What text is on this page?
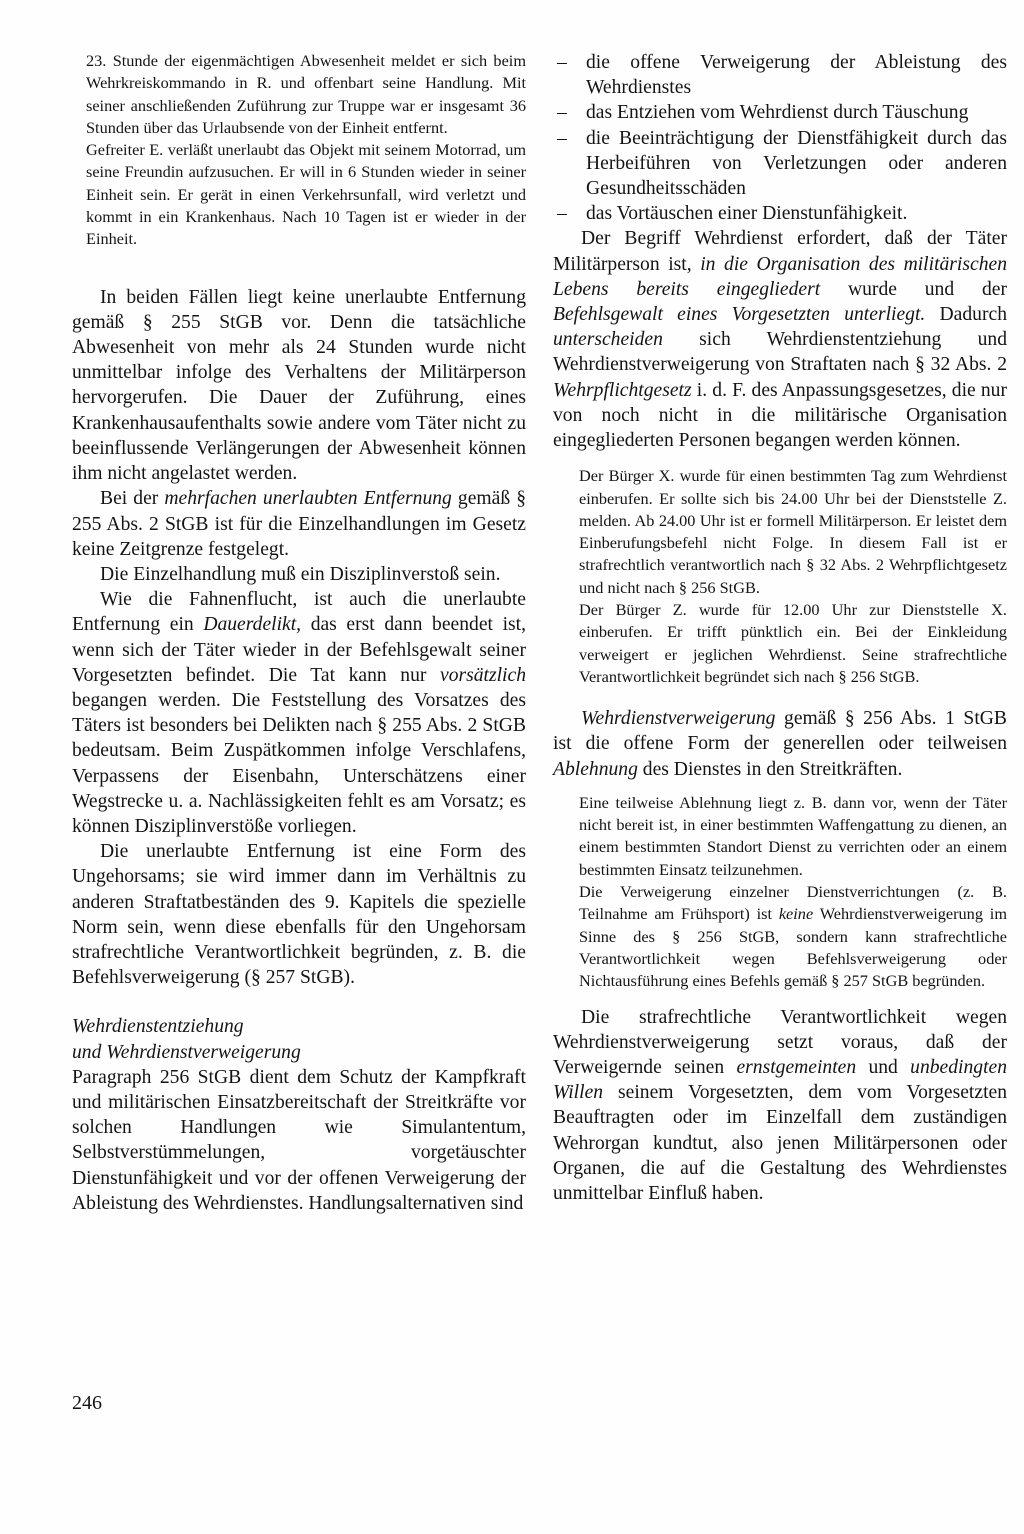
23. Stunde der eigenmächtigen Abwesenheit meldet er sich beim Wehrkreiskommando in R. und offenbart seine Handlung. Mit seiner anschließenden Zuführung zur Truppe war er insgesamt 36 Stunden über das Urlaubsende von der Einheit entfernt.

Gefreiter E. verläßt unerlaubt das Objekt mit seinem Motorrad, um seine Freundin aufzusuchen. Er will in 6 Stunden wieder in seiner Einheit sein. Er gerät in einen Verkehrsunfall, wird verletzt und kommt in ein Krankenhaus. Nach 10 Tagen ist er wieder in der Einheit.

In beiden Fällen liegt keine unerlaubte Entfernung gemäß § 255 StGB vor. Denn die tatsächliche Abwesenheit von mehr als 24 Stunden wurde nicht unmittelbar infolge des Verhaltens der Militärperson hervorgerufen. Die Dauer der Zuführung, eines Krankenhausaufenthalts sowie andere vom Täter nicht zu beeinflussende Verlängerungen der Abwesenheit können ihm nicht angelastet werden.

Bei der mehrfachen unerlaubten Entfernung gemäß § 255 Abs. 2 StGB ist für die Einzelhandlungen im Gesetz keine Zeitgrenze festgelegt.

Die Einzelhandlung muß ein Disziplinverstoß sein.

Wie die Fahnenflucht, ist auch die unerlaubte Entfernung ein Dauerdelikt, das erst dann beendet ist, wenn sich der Täter wieder in der Befehlsgewalt seiner Vorgesetzten befindet. Die Tat kann nur vorsätzlich begangen werden. Die Feststellung des Vorsatzes des Täters ist besonders bei Delikten nach § 255 Abs. 2 StGB bedeutsam. Beim Zuspätkommen infolge Verschlafens, Verpassens der Eisenbahn, Unterschätzens einer Wegstrecke u. a. Nachlässigkeiten fehlt es am Vorsatz; es können Disziplinverstöße vorliegen.

Die unerlaubte Entfernung ist eine Form des Ungehorsams; sie wird immer dann im Verhältnis zu anderen Straftatbeständen des 9. Kapitels die spezielle Norm sein, wenn diese ebenfalls für den Ungehorsam strafrechtliche Verantwortlichkeit begründen, z. B. die Befehlsverweigerung (§ 257 StGB).

Wehrdienstentziehung

und Wehrdienstverweigerung

Paragraph 256 StGB dient dem Schutz der Kampfkraft und militärischen Einsatzbereitschaft der Streitkräfte vor solchen Handlungen wie Simulantentum, Selbstverstümmelungen, vorgetäuschter Dienstunfähigkeit und vor der offenen Verweigerung der Ableistung des Wehrdienstes. Handlungsalternativen sind

– die offene Verweigerung der Ableistung des Wehrdienstes
– das Entziehen vom Wehrdienst durch Täuschung
– die Beeinträchtigung der Dienstfähigkeit durch das Herbeiführen von Verletzungen oder anderen Gesundheitsschäden
– das Vortäuschen einer Dienstunfähigkeit.

Der Begriff Wehrdienst erfordert, daß der Täter Militärperson ist, in die Organisation des militärischen Lebens bereits eingegliedert wurde und der Befehlsgewalt eines Vorgesetzten unterliegt. Dadurch unterscheiden sich Wehrdienstentziehung und Wehrdienstverweigerung von Straftaten nach § 32 Abs. 2 Wehrpflichtgesetz i. d. F. des Anpassungsgesetzes, die nur von noch nicht in die militärische Organisation eingegliederten Personen begangen werden können.

Der Bürger X. wurde für einen bestimmten Tag zum Wehrdienst einberufen. Er sollte sich bis 24.00 Uhr bei der Dienststelle Z. melden. Ab 24.00 Uhr ist er formell Militärperson. Er leistet dem Einberufungsbefehl nicht Folge. In diesem Fall ist er strafrechtlich verantwortlich nach § 32 Abs. 2 Wehrpflichtgesetz und nicht nach § 256 StGB.

Der Bürger Z. wurde für 12.00 Uhr zur Dienststelle X. einberufen. Er trifft pünktlich ein. Bei der Einkleidung verweigert er jeglichen Wehrdienst. Seine strafrechtliche Verantwortlichkeit begründet sich nach § 256 StGB.

Wehrdienstverweigerung gemäß § 256 Abs. 1 StGB ist die offene Form der generellen oder teilweisen Ablehnung des Dienstes in den Streitkräften.

Eine teilweise Ablehnung liegt z. B. dann vor, wenn der Täter nicht bereit ist, in einer bestimmten Waffengattung zu dienen, an einem bestimmten Standort Dienst zu verrichten oder an einem bestimmten Einsatz teilzunehmen.

Die Verweigerung einzelner Dienstverrichtungen (z. B. Teilnahme am Frühsport) ist keine Wehrdienstverweigerung im Sinne des § 256 StGB, sondern kann strafrechtliche Verantwortlichkeit wegen Befehlsverweigerung oder Nichtausführung eines Befehls gemäß § 257 StGB begründen.

Die strafrechtliche Verantwortlichkeit wegen Wehrdienstverweigerung setzt voraus, daß der Verweigernde seinen ernstgemeinten und unbedingten Willen seinem Vorgesetzten, dem vom Vorgesetzten Beauftragten oder im Einzelfall dem zuständigen Wehrorgan kundtut, also jenen Militärpersonen oder Organen, die auf die Gestaltung des Wehrdienstes unmittelbar Einfluß haben.

246
